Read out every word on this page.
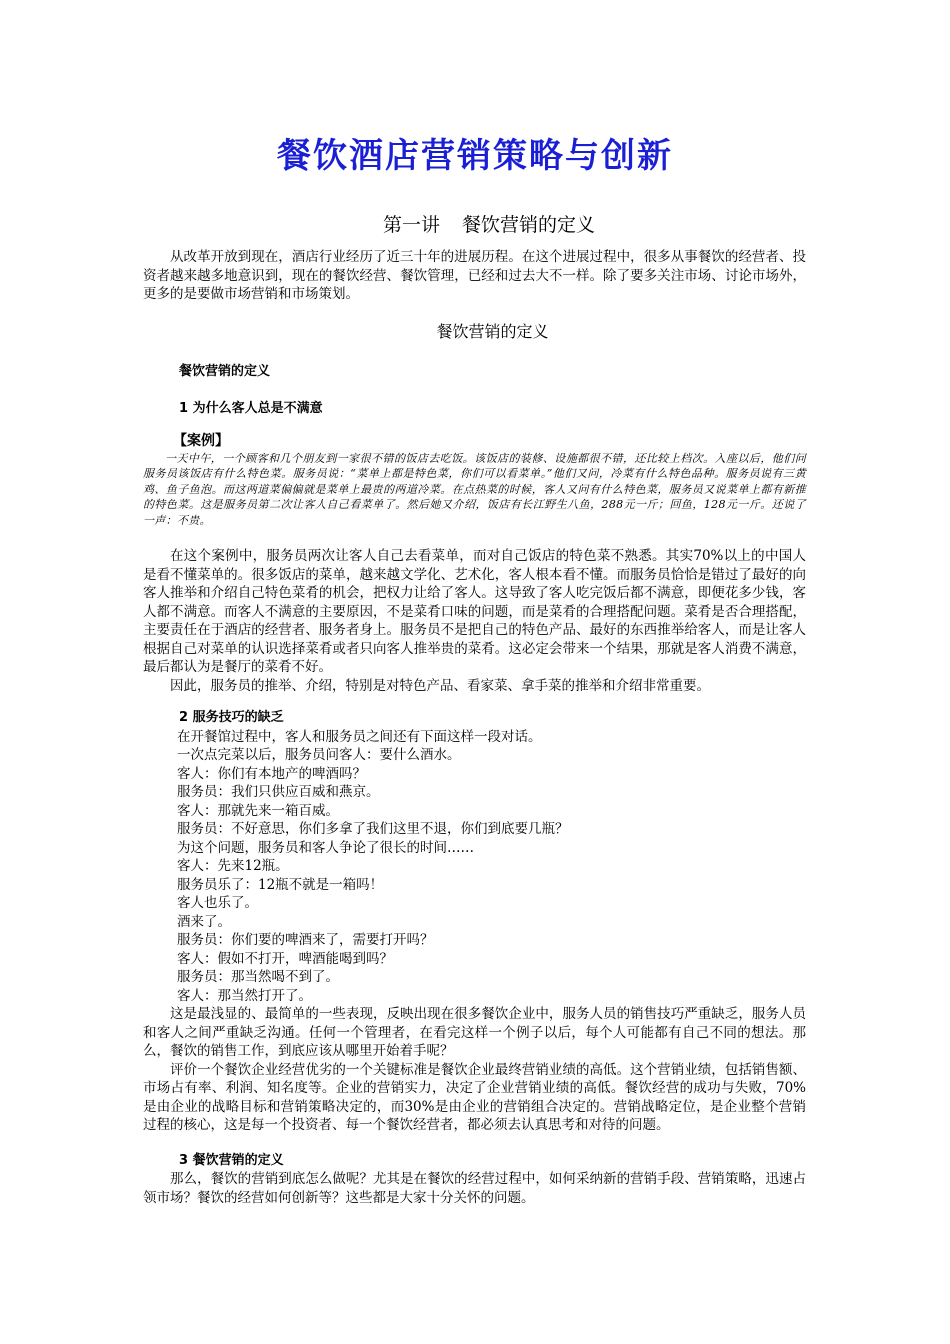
餐饮酒店营销策略与创新
第一讲 餐饮营销的定义

从改革开放到现在，酒店行业经历了近三十年的进展历程。在这个进展过程中，很多从事餐饮的经营者、投资者越来越多地意识到，现在的餐饮经营、餐饮管理，已经和过去大不一样。除了要多关注市场、讨论市场外，更多的是要做市场营销和市场策划。

餐饮营销的定义

餐饮营销的定义

1 为什么客人总是不满意

【案例】

一天中午，一个顾客和几个朋友到一家很不错的饭店去吃饭。该饭店的装修、设施都很不错，还比较上档次。入座以后，他们问服务员该饭店有什么特色菜。服务员说：“菜单上都是特色菜，你们可以看菜单。”他们又问，冷菜有什么特色品种。服务员说有三黄鸡、鱼子鱼泡。而这两道菜偏偏就是菜单上最贵的两道冷菜。在点热菜的时候，客人又问有什么特色菜，服务员又说菜单上都有新推的特色菜。这是服务员第二次让客人自己看菜单了。然后她又介绍，饭店有长江野生八鱼，288元一斤；回鱼，128元一斤。还说了一声：不贵。

在这个案例中，服务员两次让客人自己去看菜单，而对自己饭店的特色菜不熟悉。其实70%以上的中国人是看不懂菜单的。很多饭店的菜单，越来越文学化、艺术化，客人根本看不懂。而服务员恰恰是错过了最好的向客人推举和介绍自己特色菜肴的机会，把权力让给了客人。这导致了客人吃完饭后都不满意，即便花多少钱，客人都不满意。而客人不满意的主要原因，不是菜肴口味的问题，而是菜肴的合理搭配问题。菜肴是否合理搭配，主要责任在于酒店的经营者、服务者身上。服务员不是把自己的特色产品、最好的东西推举给客人，而是让客人根据自己对菜单的认识选择菜肴或者只向客人推举贵的菜肴。这必定会带来一个结果，那就是客人消费不满意，最后都认为是餐厅的菜肴不好。

因此，服务员的推举、介绍，特别是对特色产品、看家菜、拿手菜的推举和介绍非常重要。

2 服务技巧的缺乏

在开餐馆过程中，客人和服务员之间还有下面这样一段对话。

一次点完菜以后，服务员问客人：要什么酒水。

客人：你们有本地产的啤酒吗？

服务员：我们只供应百威和燕京。

客人：那就先来一箱百威。

服务员：不好意思，你们多拿了我们这里不退，你们到底要几瓶？

为这个问题，服务员和客人争论了很长的时间……

客人：先来12瓶。

服务员乐了：12瓶不就是一箱吗！

客人也乐了。

酒来了。

服务员：你们要的啤酒来了，需要打开吗？

客人：假如不打开，啤酒能喝到吗？

服务员：那当然喝不到了。

客人：那当然打开了。

这是最浅显的、最简单的一些表现，反映出现在很多餐饮企业中，服务人员的销售技巧严重缺乏，服务人员和客人之间严重缺乏沟通。任何一个管理者，在看完这样一个例子以后，每个人可能都有自己不同的想法。那么，餐饮的销售工作，到底应该从哪里开始着手呢？

评价一个餐饮企业经营优劣的一个关键标准是餐饮企业最终营销业绩的高低。这个营销业绩，包括销售额、市场占有率、利润、知名度等。企业的营销实力，决定了企业营销业绩的高低。餐饮经营的成功与失败，70%是由企业的战略目标和营销策略决定的，而30%是由企业的营销组合决定的。营销战略定位，是企业整个营销过程的核心，这是每一个投资者、每一个餐饮经营者，都必须去认真思考和对待的问题。

3 餐饮营销的定义

那么，餐饮的营销到底怎么做呢？尤其是在餐饮的经营过程中，如何采纳新的营销手段、营销策略，迅速占领市场？餐饮的经营如何创新等？这些都是大家十分关怀的问题。
